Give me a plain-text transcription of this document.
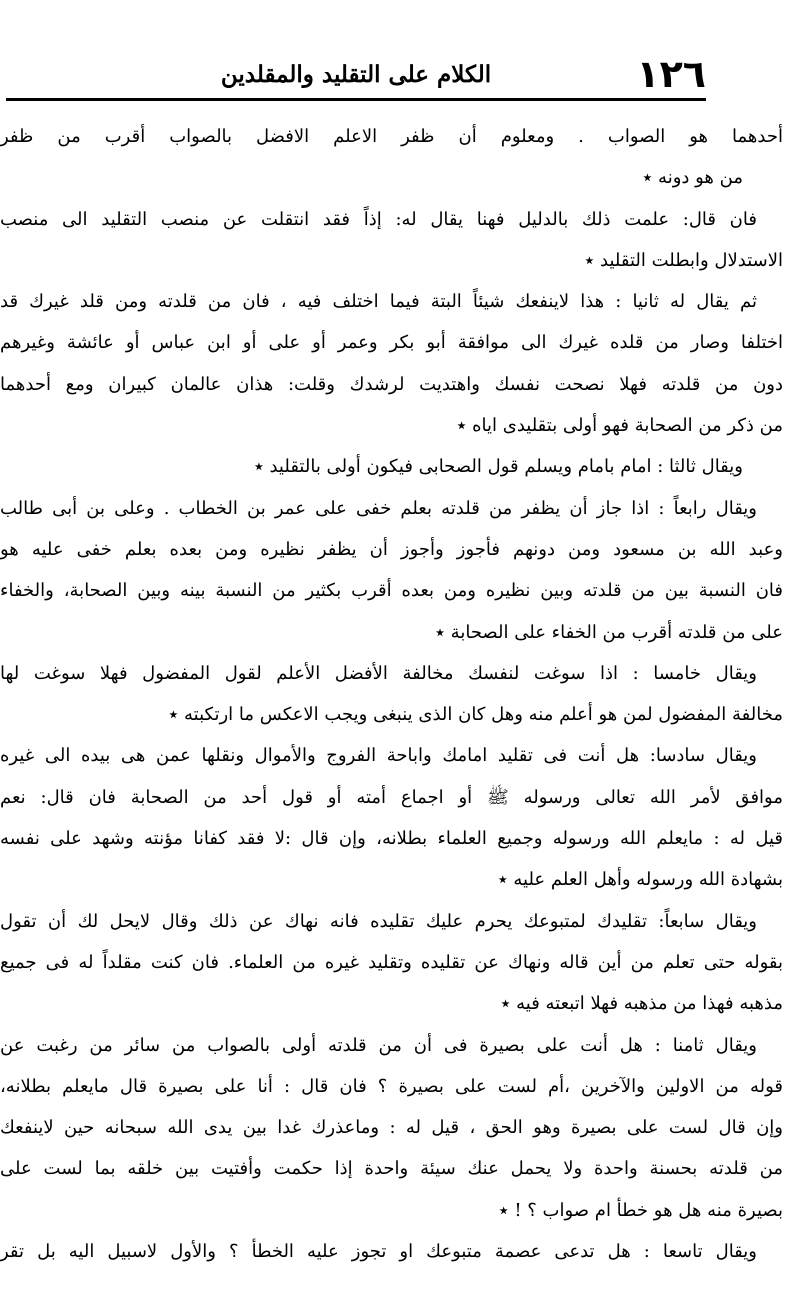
١٢٦
الكلام على التقليد والمقلدين
أحدهما هو الصواب . ومعلوم أن ظفر الاعلم الافضل بالصواب أقرب من ظفر
من هو دونه ٭
فان قال: علمت ذلك بالدليل فهنا يقال له: إذاً فقد انتقلت عن منصب التقليد الى منصب
الاستدلال وابطلت التقليد ٭
ثم يقال له ثانيا : هذا لاينفعك شيئاً البتة فيما اختلف فيه ، فان من قلدته ومن قلد غيرك قد
اختلفا وصار من قلده غيرك الى موافقة أبو بكر وعمر أو على أو ابن عباس أو عائشة وغيرهم
دون من قلدته فهلا نصحت نفسك واهتديت لرشدك وقلت: هذان عالمان كبيران ومع أحدهما
من ذكر من الصحابة فهو أولى بتقليدى اياه ٭
ويقال ثالثا : امام بامام ويسلم قول الصحابى فيكون أولى بالتقليد ٭
ويقال رابعاً : اذا جاز أن يظفر من قلدته بعلم خفى على عمر بن الخطاب . وعلى بن أبى طالب
وعبد الله بن مسعود ومن دونهم فأجوز وأجوز أن يظفر نظيره ومن بعده بعلم خفى عليه هو
فان النسبة بين من قلدته وبين نظيره ومن بعده أقرب بكثير من النسبة بينه وبين الصحابة، والخفاء
على من قلدته أقرب من الخفاء على الصحابة ٭
ويقال خامسا : اذا سوغت لنفسك مخالفة الأفضل الأعلم لقول المفضول فهلا سوغت لها
مخالفة المفضول لمن هو أعلم منه وهل كان الذى ينبغى ويجب الاعكس ما ارتكبته ٭
ويقال سادسا: هل أنت فى تقليد امامك واباحة الفروج والأموال ونقلها عمن هى بيده الى غيره
موافق لأمر الله تعالى ورسوله ﷺ أو اجماع أمته أو قول أحد من الصحابة فان قال: نعم
قيل له : مايعلم الله ورسوله وجميع العلماء بطلانه، وإن قال :لا فقد كفانا مؤنته وشهد على نفسه
بشهادة الله ورسوله وأهل العلم عليه ٭
ويقال سابعاً: تقليدك لمتبوعك يحرم عليك تقليده فانه نهاك عن ذلك وقال لايحل لك أن تقول
بقوله حتى تعلم من أين قاله ونهاك عن تقليده وتقليد غيره من العلماء. فان كنت مقلداً له فى جميع
مذهبه فهذا من مذهبه فهلا اتبعته فيه ٭
ويقال ثامنا : هل أنت على بصيرة فى أن من قلدته أولى بالصواب من سائر من رغبت عن
قوله من الاولين والآخرين ،أم لست على بصيرة ؟ فان قال : أنا على بصيرة قال مايعلم بطلانه،
وإن قال لست على بصيرة وهو الحق ، قيل له : وماعذرك غدا بين يدى الله سبحانه حين لاينفعك
من قلدته بحسنة واحدة ولا يحمل عنك سيئة واحدة إذا حكمت وأفتيت بين خلقه بما لست على
بصيرة منه هل هو خطأ ام صواب ؟ ! ٭
ويقال تاسعا : هل تدعى عصمة متبوعك او تجوز عليه الخطأ ؟ والأول لاسبيل اليه بل تقر
